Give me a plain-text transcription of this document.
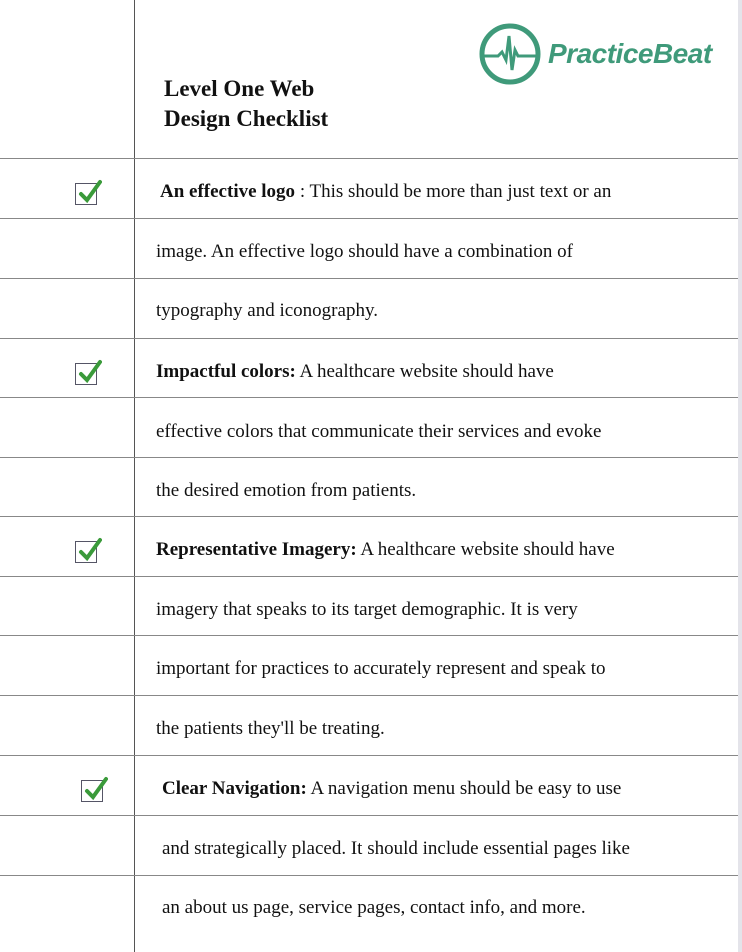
Level One Web
Design Checklist
PracticeBeat
An effective logo : This should be more than just text or an
image. An effective logo should have a combination of
typography and iconography.
Impactful colors: A healthcare website should have
effective colors that communicate their services and evoke
the desired emotion from patients.
Representative Imagery: A healthcare website should have
imagery that speaks to its target demographic. It is very
important for practices to accurately represent and speak to
the patients they'll be treating.
Clear Navigation: A navigation menu should be easy to use
and strategically placed. It should include essential pages like
an about us page, service pages, contact info, and more.
